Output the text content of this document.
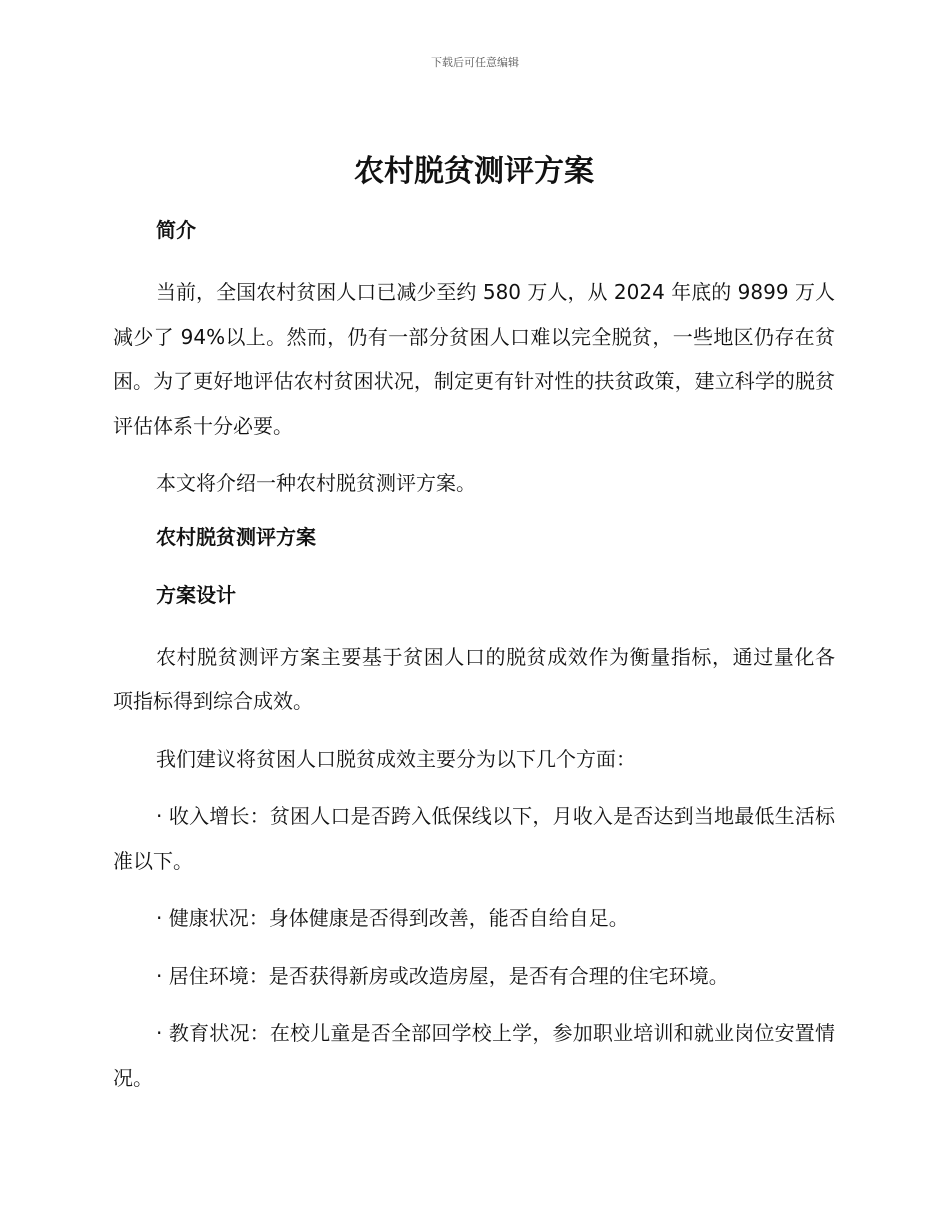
下载后可任意编辑
农村脱贫测评方案
简介

当前，全国农村贫困人口已减少至约 580 万人，从 2024 年底的 9899 万人减少了 94%以上。然而，仍有一部分贫困人口难以完全脱贫，一些地区仍存在贫困。为了更好地评估农村贫困状况，制定更有针对性的扶贫政策，建立科学的脱贫评估体系十分必要。

本文将介绍一种农村脱贫测评方案。

农村脱贫测评方案
方案设计

农村脱贫测评方案主要基于贫困人口的脱贫成效作为衡量指标，通过量化各项指标得到综合成效。

我们建议将贫困人口脱贫成效主要分为以下几个方面：

· 收入增长：贫困人口是否跨入低保线以下，月收入是否达到当地最低生活标准以下。

· 健康状况：身体健康是否得到改善，能否自给自足。

· 居住环境：是否获得新房或改造房屋，是否有合理的住宅环境。

· 教育状况：在校儿童是否全部回学校上学，参加职业培训和就业岗位安置情况。
